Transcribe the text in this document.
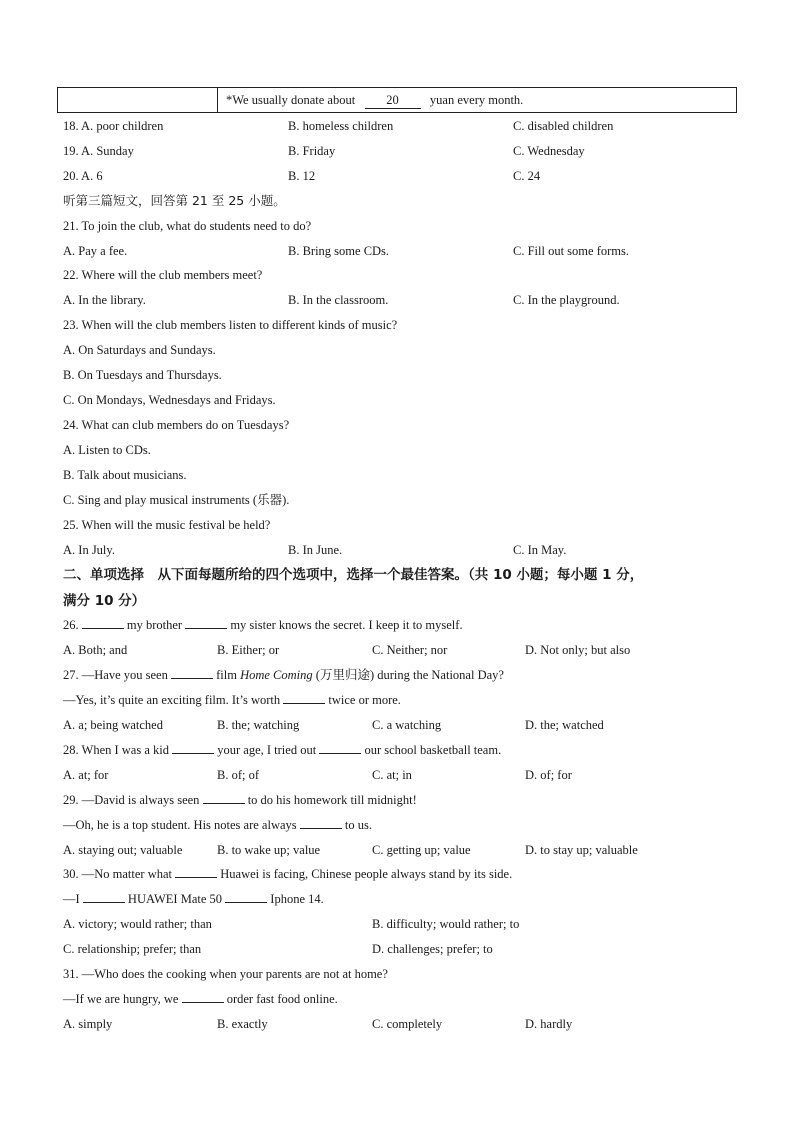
*We usually donate about 20 yuan every month.
18. A. poor children	B. homeless children	C. disabled children
19. A. Sunday	B. Friday	C. Wednesday
20. A. 6	B. 12	C. 24
听第三篇短文，回答第 21 至 25 小题。
21. To join the club, what do students need to do?
A. Pay a fee.	B. Bring some CDs.	C. Fill out some forms.
22. Where will the club members meet?
A. In the library.	B. In the classroom.	C. In the playground.
23. When will the club members listen to different kinds of music?
A. On Saturdays and Sundays.
B. On Tuesdays and Thursdays.
C. On Mondays, Wednesdays and Fridays.
24. What can club members do on Tuesdays?
A. Listen to CDs.
B. Talk about musicians.
C. Sing and play musical instruments (乐器).
25. When will the music festival be held?
A. In July.	B. In June.	C. In May.
二、单项选择　从下面每题所给的四个选项中，选择一个最佳答案。（共 10 小题；每小题 1 分，
满分 10 分）
26.	my brother	my sister knows the secret. I keep it to myself.
A. Both; and	B. Either; or	C. Neither; nor	D. Not only; but also
27. —Have you seen	film Home Coming (万里归途) during the National Day?
—Yes, it’s quite an exciting film. It’s worth	twice or more.
A. a; being watched	B. the; watching	C. a watching	D. the; watched
28. When I was a kid	your age, I tried out	our school basketball team.
A. at; for	B. of; of	C. at; in	D. of; for
29. —David is always seen	to do his homework till midnight!
—Oh, he is a top student. His notes are always	to us.
A. staying out; valuable	B. to wake up; value	C. getting up; value	D. to stay up; valuable
30. —No matter what	Huawei is facing, Chinese people always stand by its side.
—I	HUAWEI Mate 50	Iphone 14.
A. victory; would rather; than	B. difficulty; would rather; to
C. relationship; prefer; than	D. challenges; prefer; to
31. —Who does the cooking when your parents are not at home?
—If we are hungry, we	order fast food online.
A. simply	B. exactly	C. completely	D. hardly
